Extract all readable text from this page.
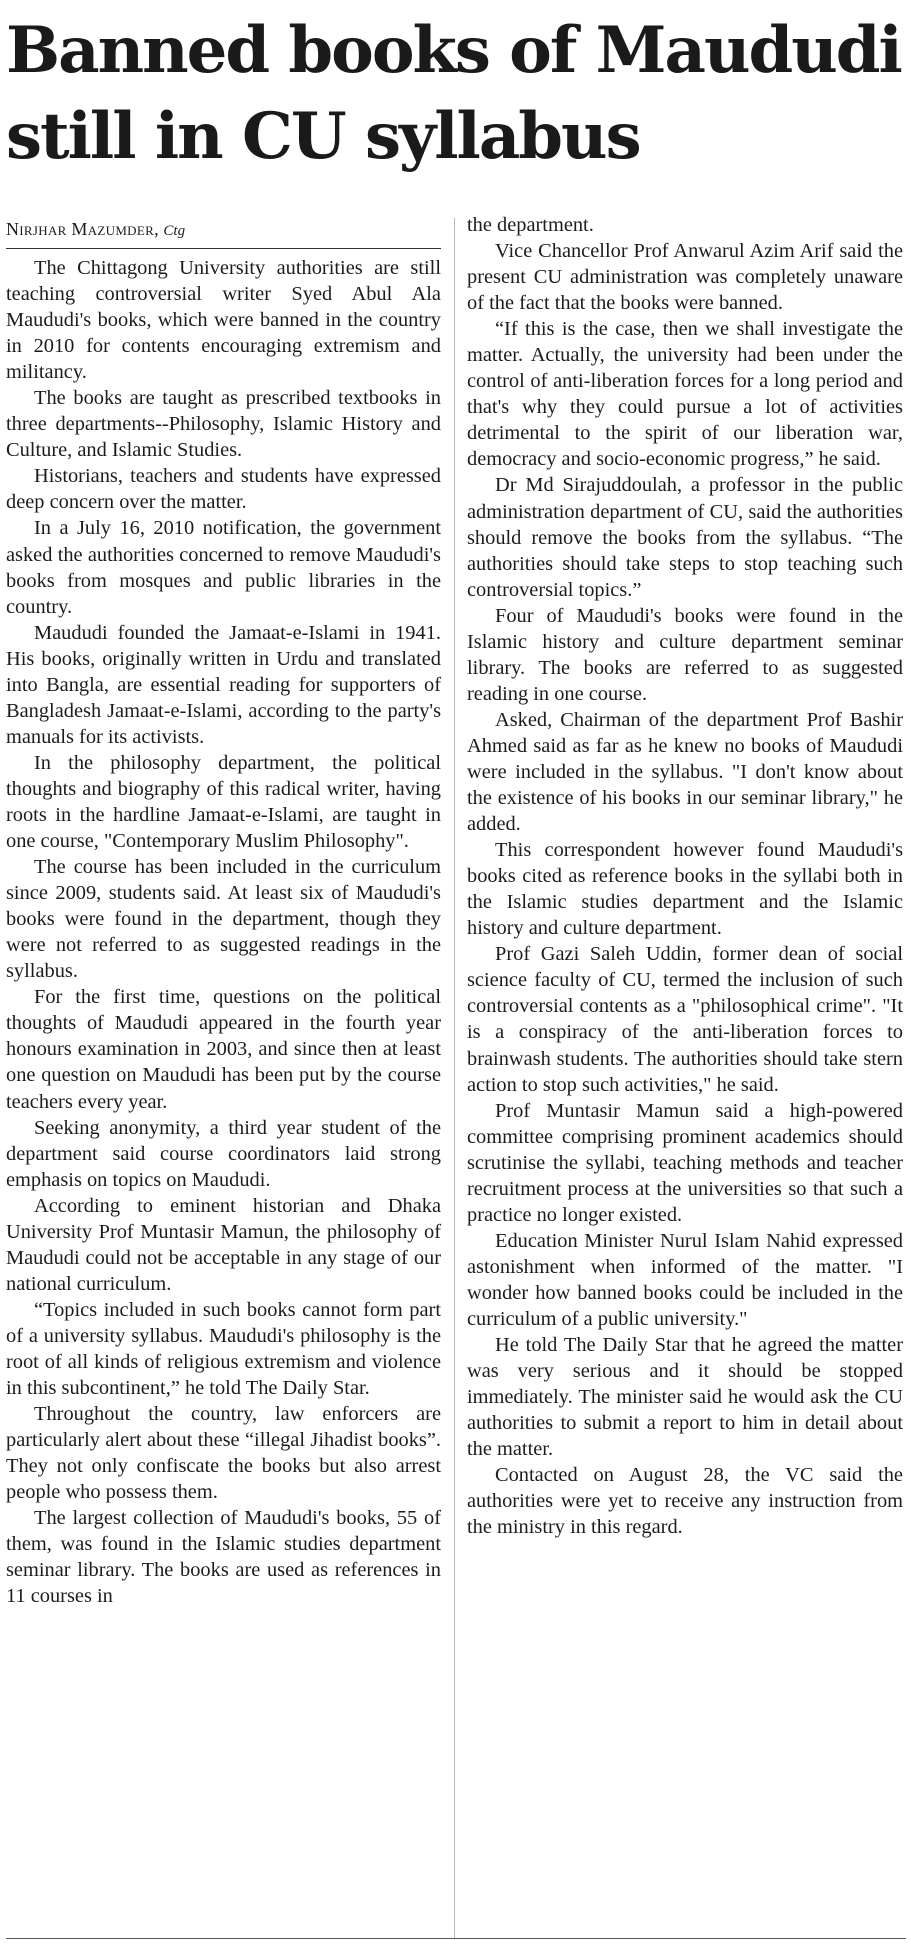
Banned books of Maududi
still in CU syllabus

Nirjhar Mazumder, Ctg

The Chittagong University authorities are still teaching controversial writer Syed Abul Ala Maududi's books, which were banned in the country in 2010 for contents encouraging extremism and militancy.

The books are taught as prescribed textbooks in three departments--Philosophy, Islamic History and Culture, and Islamic Studies.

Historians, teachers and students have expressed deep concern over the matter.

In a July 16, 2010 notification, the government asked the authorities concerned to remove Maududi's books from mosques and public libraries in the country.

Maududi founded the Jamaat-e-Islami in 1941. His books, originally written in Urdu and translated into Bangla, are essential reading for supporters of Bangladesh Jamaat-e-Islami, according to the party's manuals for its activists.

In the philosophy department, the political thoughts and biography of this radical writer, having roots in the hardline Jamaat-e-Islami, are taught in one course, "Contemporary Muslim Philosophy".

The course has been included in the curriculum since 2009, students said. At least six of Maududi's books were found in the department, though they were not referred to as suggested readings in the syllabus.

For the first time, questions on the political thoughts of Maududi appeared in the fourth year honours examination in 2003, and since then at least one question on Maududi has been put by the course teachers every year.

Seeking anonymity, a third year student of the department said course coordinators laid strong emphasis on topics on Maududi.

According to eminent historian and Dhaka University Prof Muntasir Mamun, the philosophy of Maududi could not be acceptable in any stage of our national curriculum.

“Topics included in such books cannot form part of a university syllabus. Maududi's philosophy is the root of all kinds of religious extremism and violence in this subcontinent,” he told The Daily Star.

Throughout the country, law enforcers are particularly alert about these “illegal Jihadist books”. They not only confiscate the books but also arrest people who possess them.

The largest collection of Maududi's books, 55 of them, was found in the Islamic studies department seminar library. The books are used as references in 11 courses in

the department.

Vice Chancellor Prof Anwarul Azim Arif said the present CU administration was completely unaware of the fact that the books were banned.

“If this is the case, then we shall investigate the matter. Actually, the university had been under the control of anti-liberation forces for a long period and that's why they could pursue a lot of activities detrimental to the spirit of our liberation war, democracy and socio-economic progress,” he said.

Dr Md Sirajuddoulah, a professor in the public administration department of CU, said the authorities should remove the books from the syllabus. “The authorities should take steps to stop teaching such controversial topics.”

Four of Maududi's books were found in the Islamic history and culture department seminar library. The books are referred to as suggested reading in one course.

Asked, Chairman of the department Prof Bashir Ahmed said as far as he knew no books of Maududi were included in the syllabus. "I don't know about the existence of his books in our seminar library," he added.

This correspondent however found Maududi's books cited as reference books in the syllabi both in the Islamic studies department and the Islamic history and culture department.

Prof Gazi Saleh Uddin, former dean of social science faculty of CU, termed the inclusion of such controversial contents as a "philosophical crime". "It is a conspiracy of the anti-liberation forces to brainwash students. The authorities should take stern action to stop such activities," he said.

Prof Muntasir Mamun said a high-powered committee comprising prominent academics should scrutinise the syllabi, teaching methods and teacher recruitment process at the universities so that such a practice no longer existed.

Education Minister Nurul Islam Nahid expressed astonishment when informed of the matter. "I wonder how banned books could be included in the curriculum of a public university."

He told The Daily Star that he agreed the matter was very serious and it should be stopped immediately. The minister said he would ask the CU authorities to submit a report to him in detail about the matter.

Contacted on August 28, the VC said the authorities were yet to receive any instruction from the ministry in this regard.
